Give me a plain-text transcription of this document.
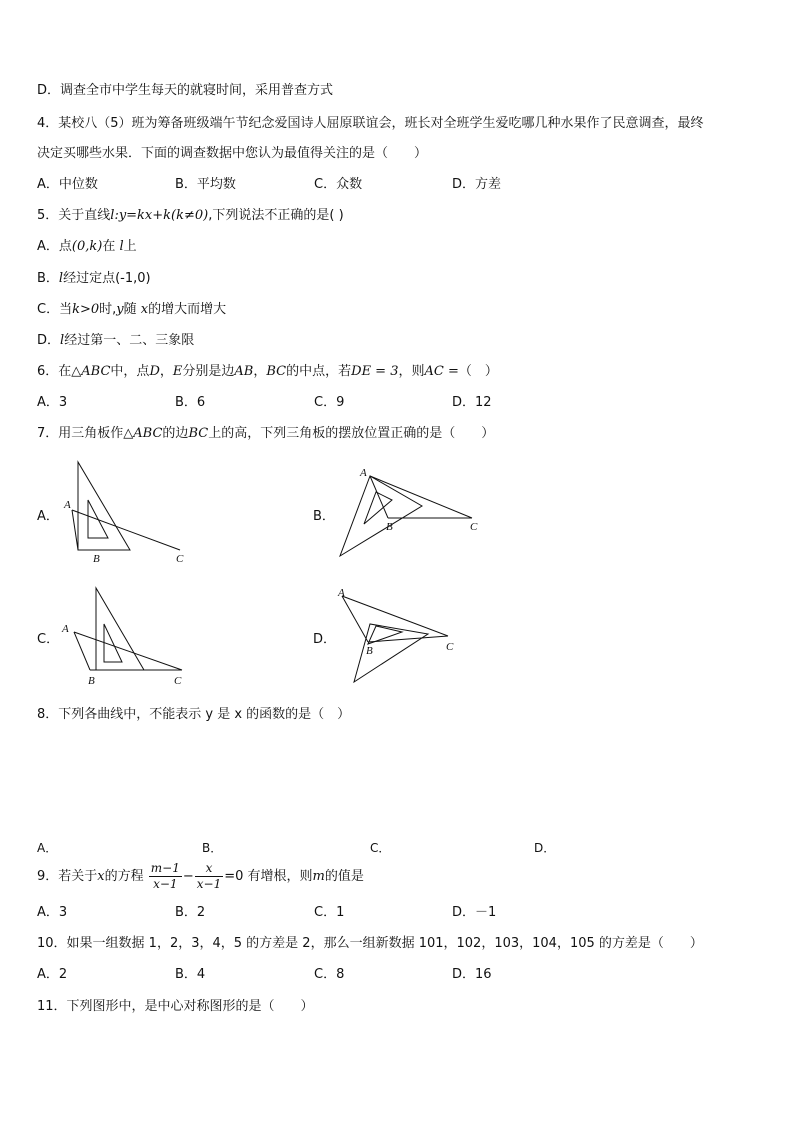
D．调查全市中学生每天的就寝时间，采用普查方式
4．某校八（5）班为筹备班级端午节纪念爱国诗人屈原联谊会，班长对全班学生爱吃哪几种水果作了民意调查，最终
决定买哪些水果．下面的调查数据中您认为最值得关注的是（　　）
A．中位数	B．平均数	C．众数	D．方差
5．关于直线l:y=kx+k(k≠0),下列说法不正确的是( )
A．点(0,k)在 l上
B．l经过定点(-1,0)
C．当k>0时,y随 x的增大而增大
D．l经过第一、二、三象限
6．在△ABC中，点D，E分别是边AB，BC的中点，若DE = 3，则AC =（　）
A．3	B．6	C．9	D．12
7．用三角板作△ABC的边BC上的高，下列三角板的摆放位置正确的是（　　）
A．
A
B	C
B．
A
B	C
C．
A
B	C
D．
A
B	C
8．下列各曲线中，不能表示 y 是 x 的函数的是（　）
A．	B．	C．	D．
9．若关于x的方程 $\frac{m-1}{x-1} - \frac{x}{x-1} =0$ 有增根，则m的值是
A．3	B．2	C．1	D．－1
10．如果一组数据 1，2，3，4，5 的方差是 2，那么一组新数据 101，102，103，104，105 的方差是（　　）
A．2	B．4	C．8	D．16
11．下列图形中，是中心对称图形的是（　　）
